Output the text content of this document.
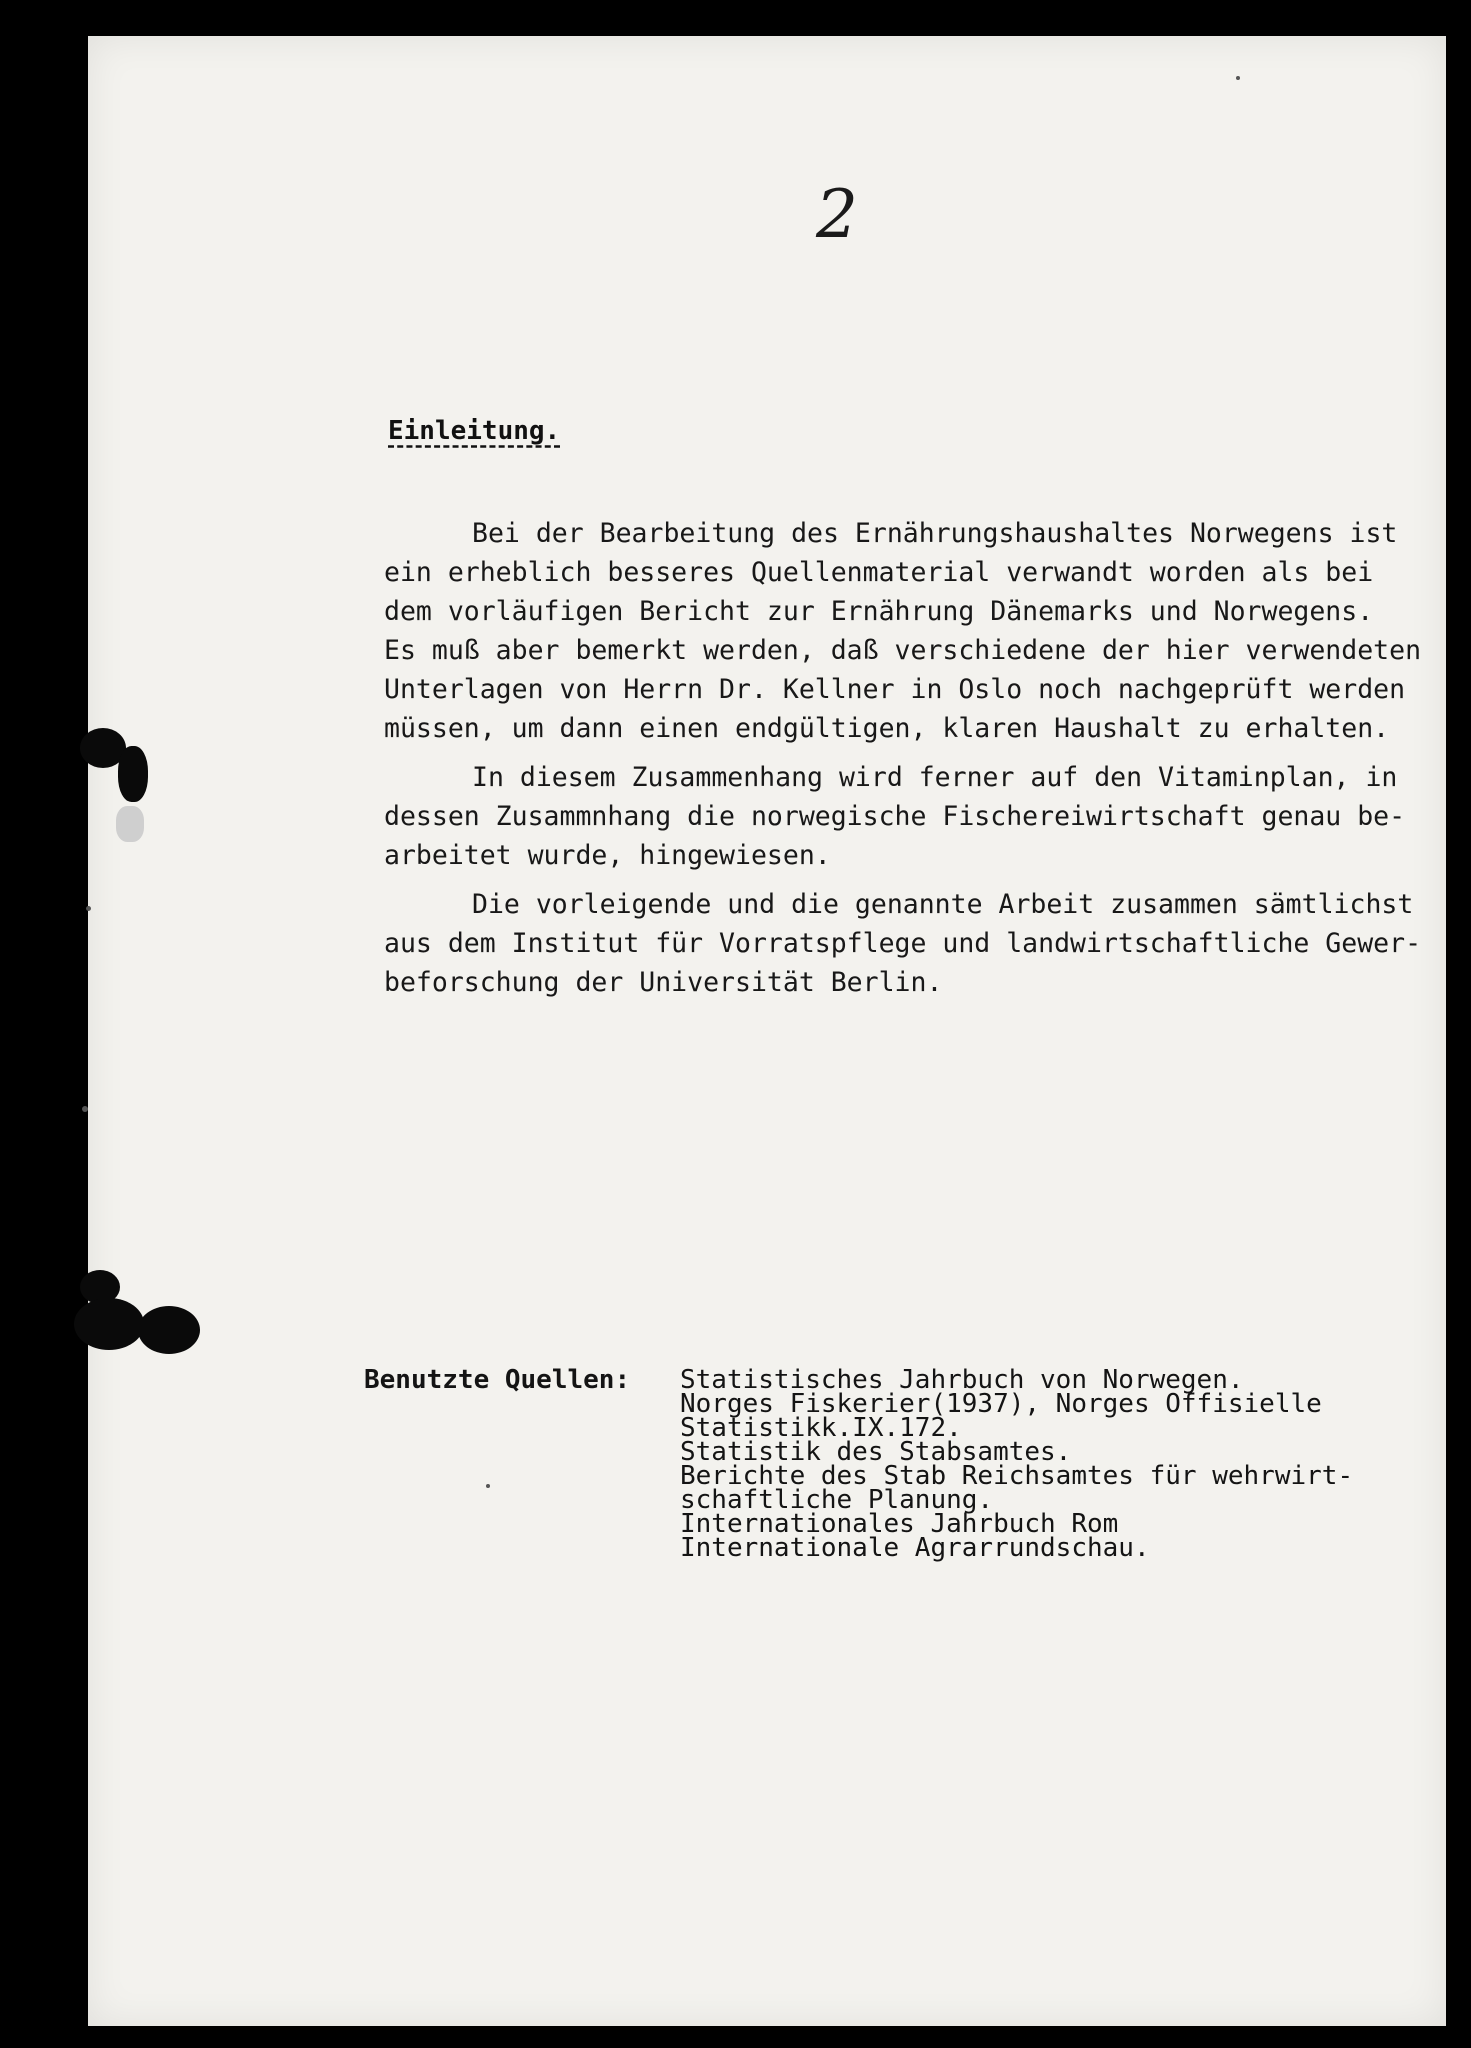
2
Einleitung.
Bei der Bearbeitung des Ernährungshaushaltes Norwegens ist
ein erheblich besseres Quellenmaterial verwandt worden als bei
dem vorläufigen Bericht zur Ernährung Dänemarks und Norwegens.
Es muß aber bemerkt werden, daß verschiedene der hier verwendeten
Unterlagen von Herrn Dr. Kellner in Oslo noch nachgeprüft werden
müssen, um dann einen endgültigen, klaren Haushalt zu erhalten.
In diesem Zusammenhang wird ferner auf den Vitaminplan, in
dessen Zusammnhang die norwegische Fischereiwirtschaft genau be-
arbeitet wurde, hingewiesen.
Die vorleigende und die genannte Arbeit zusammen sämtlichst
aus dem Institut für Vorratspflege und landwirtschaftliche Gewer-
beforschung der Universität Berlin.
Benutzte Quellen: Statistisches Jahrbuch von Norwegen.
Norges Fiskerier(1937), Norges Offisielle
Statistikk.IX.172.
Statistik des Stabsamtes.
Berichte des Stab Reichsamtes für wehrwirt-
schaftliche Planung.
Internationales Jahrbuch Rom
Internationale Agrarrundschau.
